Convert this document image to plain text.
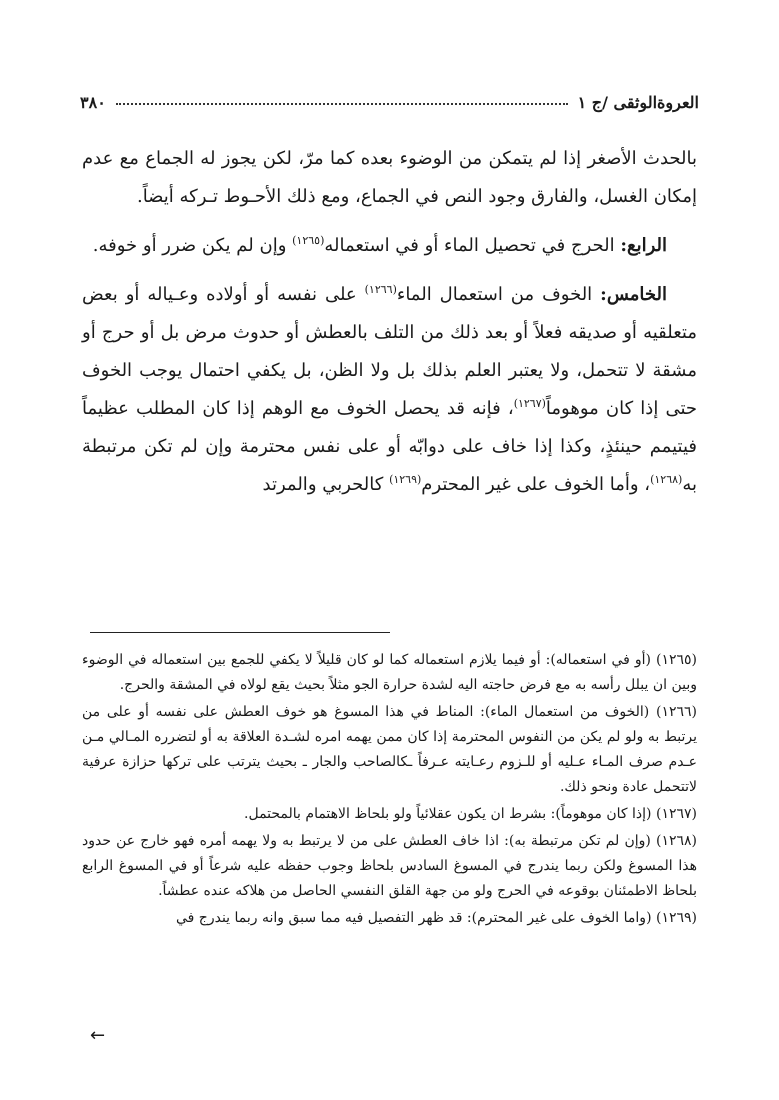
٣٨٠	العروةالوثقى /ج ١

بالحدث الأصغر إذا لم يتمكن من الوضوء بعده كما مرّ، لكن يجوز له الجماع مع عدم إمكان الغسل، والفارق وجود النص في الجماع، ومع ذلك الأحـوط تـركه أيضاً.

الرابع: الحرج في تحصيل الماء أو في استعماله$^{(١٢٦٥)}$ وإن لم يكن ضرر أو خوفه.

الخامس: الخوف من استعمال الماء$^{(١٢٦٦)}$ على نفسه أو أولاده وعـياله أو بعض متعلقيه أو صديقه فعلاً أو بعد ذلك من التلف بالعطش أو حدوث مرض بل أو حرج أو مشقة لا تتحمل، ولا يعتبر العلم بذلك بل ولا الظن، بل يكفي احتمال يوجب الخوف حتى إذا كان موهوماً$^{(١٢٦٧)}$، فإنه قد يحصل الخوف مع الوهم إذا كان المطلب عظيماً فيتيمم حينئذٍ، وكذا إذا خاف على دوابّه أو على نفس محترمة وإن لم تكن مرتبطة به$^{(١٢٦٨)}$، وأما الخوف على غير المحترم$^{(١٢٦٩)}$ كالحربي والمرتد

(١٢٦٥) (أو في استعماله): أو فيما يلازم استعماله كما لو كان قليلاً لا يكفي للجمع بين استعماله في الوضوء وبين ان يبلل رأسه به مع فرض حاجته اليه لشدة حرارة الجو مثلاً بحيث يقع لولاه في المشقة والحرج.
(١٢٦٦) (الخوف من استعمال الماء): المناط في هذا المسوغ هو خوف العطش على نفسه أو على من يرتبط به ولو لم يكن من النفوس المحترمة إذا كان ممن يهمه امره لشـدة العلاقة به أو لتضرره المـالي مـن عـدم صرف المـاء عـليه أو للـزوم رعـايته عـرفاً ـكالصاحب والجار ـ بحيث يترتب على تركها حزازة عرفية لاتتحمل عادة ونحو ذلك.
(١٢٦٧) (إذا كان موهوماً): بشرط ان يكون عقلائياً ولو بلحاظ الاهتمام بالمحتمل.
(١٢٦٨) (وإن لم تكن مرتبطة به): اذا خاف العطش على من لا يرتبط به ولا يهمه أمره فهو خارج عن حدود هذا المسوغ ولكن ربما يندرج في المسوغ السادس بلحاظ وجوب حفظه عليه شرعاً أو في المسوغ الرابع بلحاظ الاطمئنان بوقوعه في الحرج ولو من جهة القلق النفسي الحاصل من هلاكه عنده عطشاً.
(١٢٦٩) (واما الخوف على غير المحترم): قد ظهر التفصيل فيه مما سبق وانه ربما يندرج في
←
